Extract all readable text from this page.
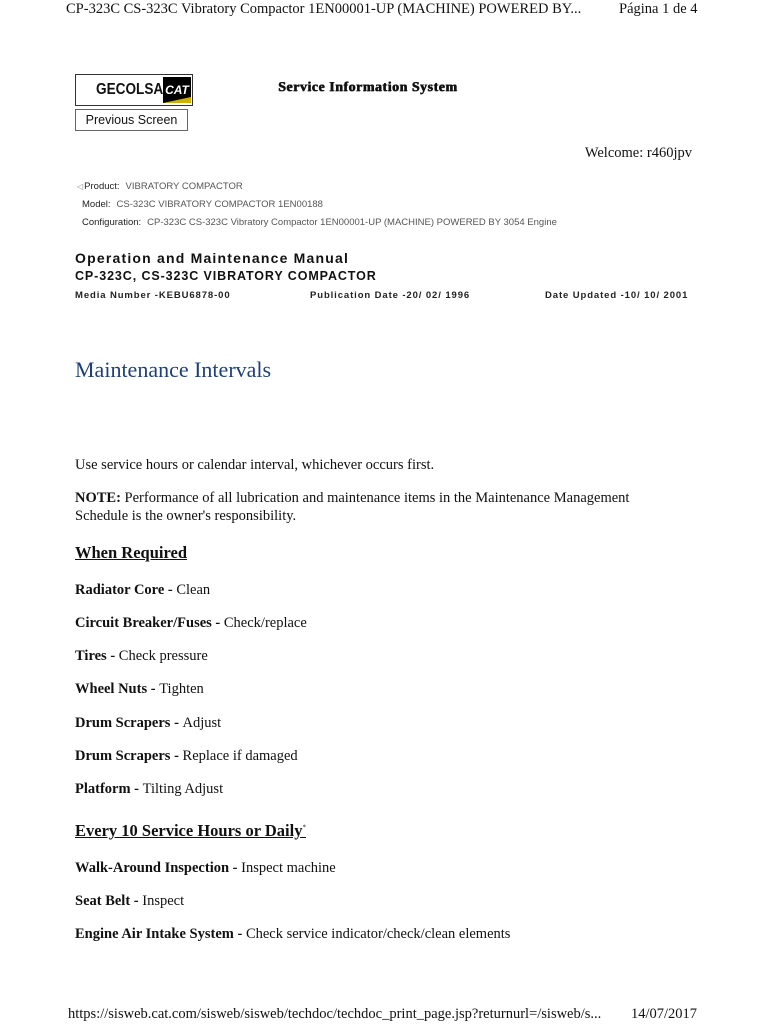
CP-323C CS-323C Vibratory Compactor 1EN00001-UP (MACHINE) POWERED BY...	Página 1 de 4
GECOLSA CAT	Service Information System
Previous Screen
Welcome: r460jpv
◁Product: VIBRATORY COMPACTOR
Model: CS-323C VIBRATORY COMPACTOR 1EN00188
Configuration: CP-323C CS-323C Vibratory Compactor 1EN00001-UP (MACHINE) POWERED BY 3054 Engine
Operation and Maintenance Manual
CP-323C, CS-323C VIBRATORY COMPACTOR
Media Number -KEBU6878-00	Publication Date -20/ 02/ 1996	Date Updated -10/ 10/ 2001
Maintenance Intervals
Use service hours or calendar interval, whichever occurs first.
NOTE: Performance of all lubrication and maintenance items in the Maintenance Management Schedule is the owner's responsibility.
When Required
Radiator Core - Clean
Circuit Breaker/Fuses - Check/replace
Tires - Check pressure
Wheel Nuts - Tighten
Drum Scrapers - Adjust
Drum Scrapers - Replace if damaged
Platform - Tilting Adjust
Every 10 Service Hours or Daily*
Walk-Around Inspection - Inspect machine
Seat Belt - Inspect
Engine Air Intake System - Check service indicator/check/clean elements
https://sisweb.cat.com/sisweb/sisweb/techdoc/techdoc_print_page.jsp?returnurl=/sisweb/s... 14/07/2017
